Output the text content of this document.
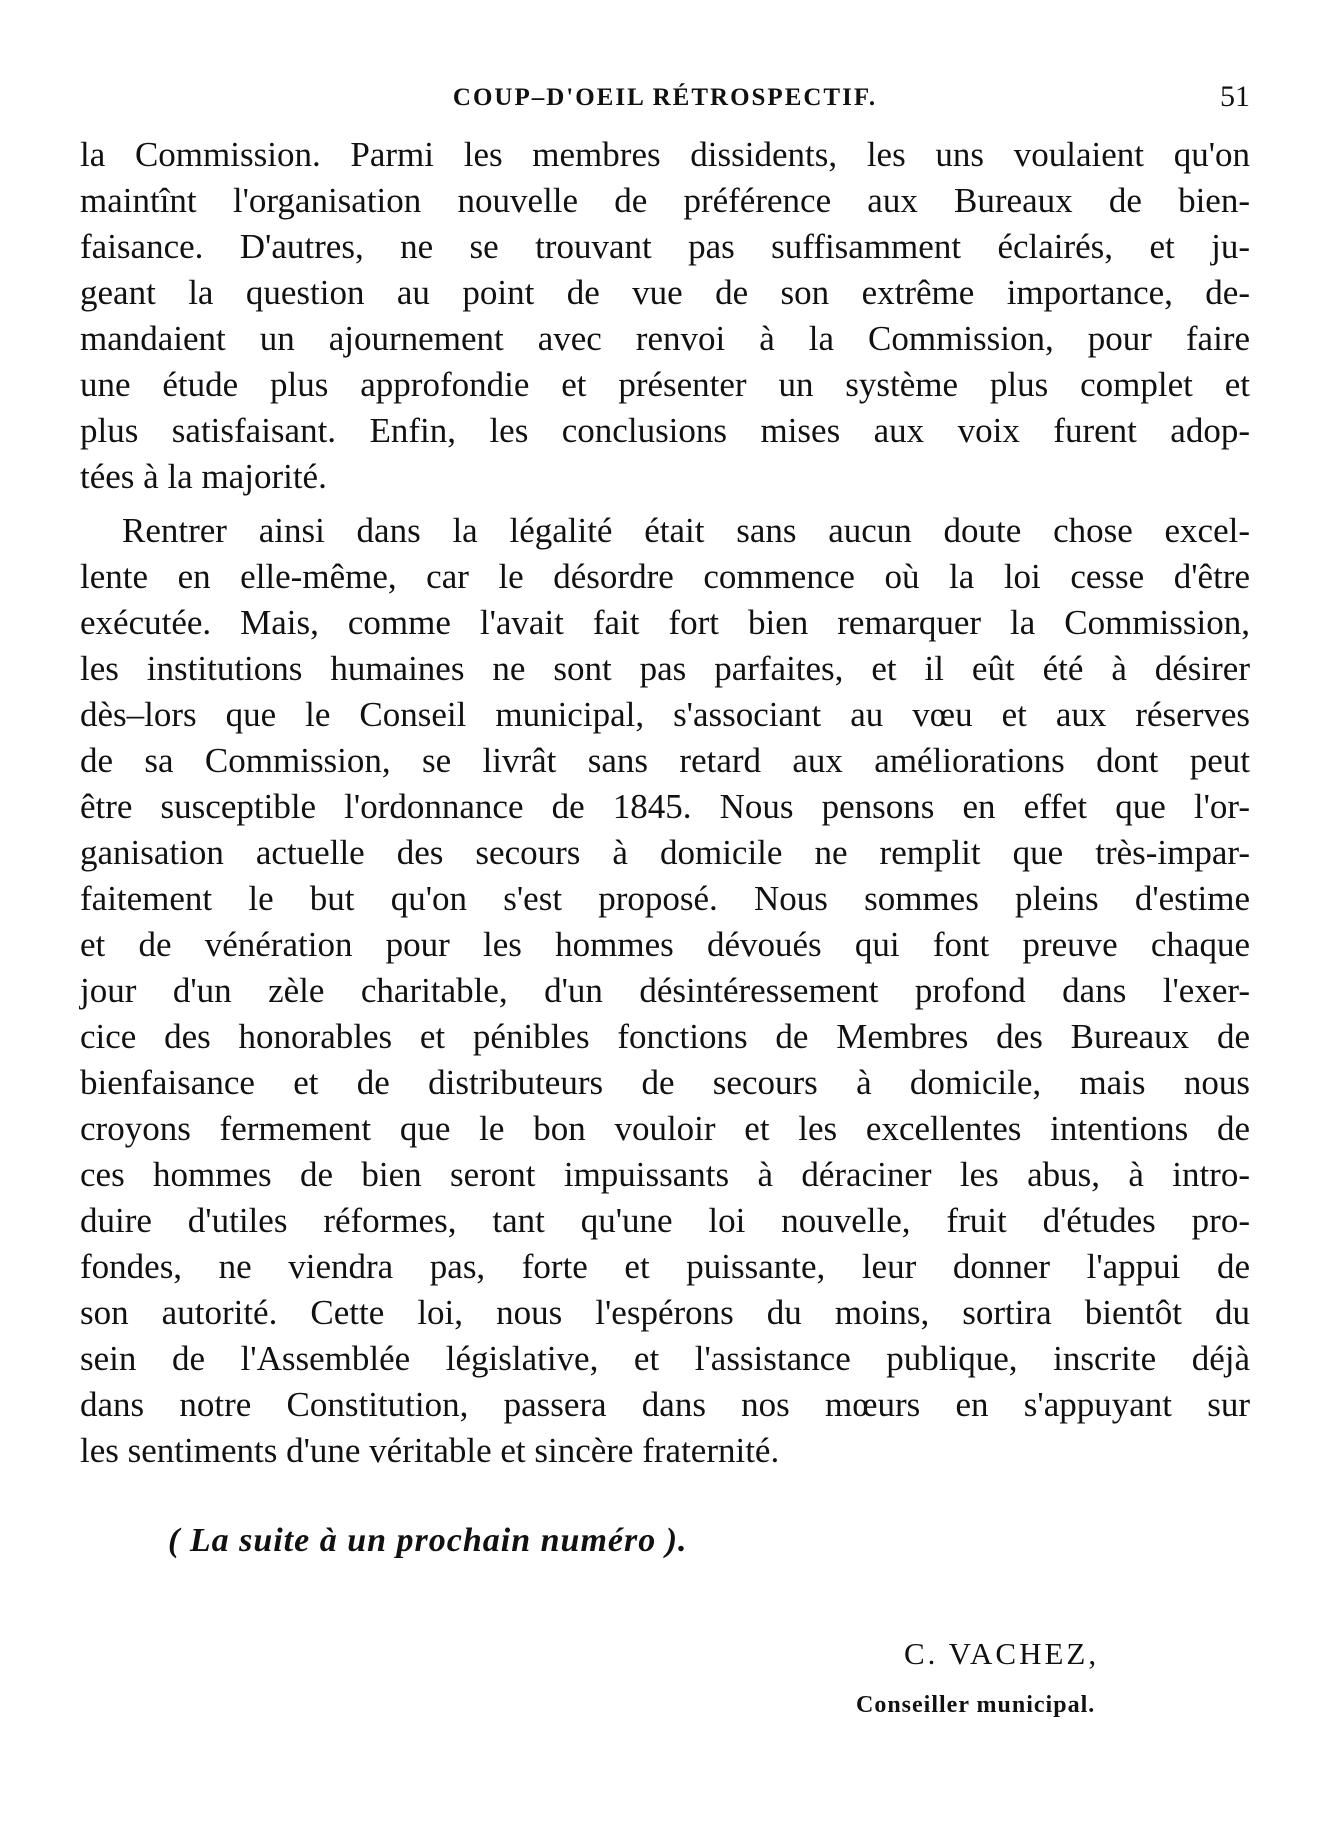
COUP–D'OEIL RÉTROSPECTIF.	51
la Commission. Parmi les membres dissidents, les uns voulaient qu'on
maintînt l'organisation nouvelle de préférence aux Bureaux de bien-
faisance. D'autres, ne se trouvant pas suffisamment éclairés, et ju-
geant la question au point de vue de son extrême importance, de-
mandaient un ajournement avec renvoi à la Commission, pour faire
une étude plus approfondie et présenter un système plus complet et
plus satisfaisant. Enfin, les conclusions mises aux voix furent adop-
tées à la majorité.
Rentrer ainsi dans la légalité était sans aucun doute chose excel-
lente en elle-même, car le désordre commence où la loi cesse d'être
exécutée. Mais, comme l'avait fait fort bien remarquer la Commission,
les institutions humaines ne sont pas parfaites, et il eût été à désirer
dès–lors que le Conseil municipal, s'associant au vœu et aux réserves
de sa Commission, se livrât sans retard aux améliorations dont peut
être susceptible l'ordonnance de 1845. Nous pensons en effet que l'or-
ganisation actuelle des secours à domicile ne remplit que très-impar-
faitement le but qu'on s'est proposé. Nous sommes pleins d'estime
et de vénération pour les hommes dévoués qui font preuve chaque
jour d'un zèle charitable, d'un désintéressement profond dans l'exer-
cice des honorables et pénibles fonctions de Membres des Bureaux de
bienfaisance et de distributeurs de secours à domicile, mais nous
croyons fermement que le bon vouloir et les excellentes intentions de
ces hommes de bien seront impuissants à déraciner les abus, à intro-
duire d'utiles réformes, tant qu'une loi nouvelle, fruit d'études pro-
fondes, ne viendra pas, forte et puissante, leur donner l'appui de
son autorité. Cette loi, nous l'espérons du moins, sortira bientôt du
sein de l'Assemblée législative, et l'assistance publique, inscrite déjà
dans notre Constitution, passera dans nos mœurs en s'appuyant sur
les sentiments d'une véritable et sincère fraternité.
( La suite à un prochain numéro ).
C. VACHEZ,
Conseiller municipal.
